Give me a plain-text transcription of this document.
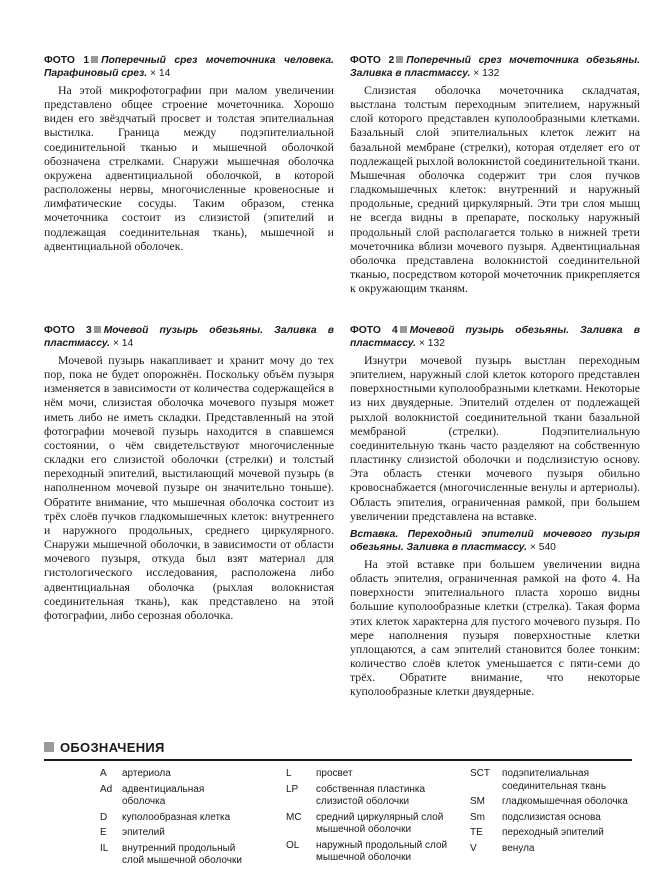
ФОТО 1 Поперечный срез мочеточника человека. Парафиновый срез. × 14

На этой микрофотографии при малом увеличении представлено общее строение мочеточника. Хорошо виден его звёздчатый просвет и толстая эпителиальная выстилка. Граница между подэпителиальной соединительной тканью и мышечной оболочкой обозначена стрелками. Снаружи мышечная оболочка окружена адвентициальной оболочкой, в которой расположены нервы, многочисленные кровеносные и лимфатические сосуды. Таким образом, стенка мочеточника состоит из слизистой (эпителий и подлежащая соединительная ткань), мышечной и адвентициальной оболочек.

ФОТО 2 Поперечный срез мочеточника обезьяны. Заливка в пластмассу. × 132

Слизистая оболочка мочеточника складчатая, выстлана толстым переходным эпителием, наружный слой которого представлен куполообразными клетками. Базальный слой эпителиальных клеток лежит на базальной мембране (стрелки), которая отделяет его от подлежащей рыхлой волокнистой соединительной ткани. Мышечная оболочка содержит три слоя пучков гладкомышечных клеток: внутренний и наружный продольные, средний циркулярный. Эти три слоя мышц не всегда видны в препарате, поскольку наружный продольный слой располагается только в нижней трети мочеточника вблизи мочевого пузыря. Адвентициальная оболочка представлена волокнистой соединительной тканью, посредством которой мочеточник прикрепляется к окружающим тканям.

ФОТО 3 Мочевой пузырь обезьяны. Заливка в пластмассу. × 14

Мочевой пузырь накапливает и хранит мочу до тех пор, пока не будет опорожнён. Поскольку объём пузыря изменяется в зависимости от количества содержащейся в нём мочи, слизистая оболочка мочевого пузыря может иметь либо не иметь складки. Представленный на этой фотографии мочевой пузырь находится в спавшемся состоянии, о чём свидетельствуют многочисленные складки его слизистой оболочки (стрелки) и толстый переходный эпителий, выстилающий мочевой пузырь (в наполненном мочевой пузыре он значительно тоньше). Обратите внимание, что мышечная оболочка состоит из трёх слоёв пучков гладкомышечных клеток: внутреннего и наружного продольных, среднего циркулярного. Снаружи мышечной оболочки, в зависимости от области мочевого пузыря, откуда был взят материал для гистологического исследования, расположена либо адвентициальная оболочка (рыхлая волокнистая соединительная ткань), как представлено на этой фотографии, либо серозная оболочка.

ФОТО 4 Мочевой пузырь обезьяны. Заливка в пластмассу. × 132

Изнутри мочевой пузырь выстлан переходным эпителием, наружный слой клеток которого представлен поверхностными куполообразными клетками. Некоторые из них двуядерные. Эпителий отделен от подлежащей рыхлой волокнистой соединительной ткани базальной мембраной (стрелки). Подэпителиальную соединительную ткань часто разделяют на собственную пластинку слизистой оболочки и подслизистую основу. Эта область стенки мочевого пузыря обильно кровоснабжается (многочисленные венулы и артериолы). Область эпителия, ограниченная рамкой, при большем увеличении представлена на вставке.

Вставка. Переходный эпителий мочевого пузыря обезьяны. Заливка в пластмассу. × 540

На этой вставке при большем увеличении видна область эпителия, ограниченная рамкой на фото 4. На поверхности эпителиального пласта хорошо видны большие куполообразные клетки (стрелка). Такая форма этих клеток характерна для пустого мочевого пузыря. По мере наполнения пузыря поверхностные клетки уплощаются, а сам эпителий становится более тонким: количество слоёв клеток уменьшается с пяти-семи до трёх. Обратите внимание, что некоторые куполообразные клетки двуядерные.

ОБОЗНАЧЕНИЯ
A	артериола
Ad адвентициальная оболочка
D	куполообразная клетка
E	эпителий
IL	внутренний продольный слой мышечной оболочки
L	просвет
LP	собственная пластинка слизистой оболочки
MC	средний циркулярный слой мышечной оболочки
OL	наружный продольный слой мышечной оболочки
SCT	подэпителиальная соединительная ткань
SM	гладкомышечная оболочка
Sm	подслизистая основа
TE	переходный эпителий
V	венула
